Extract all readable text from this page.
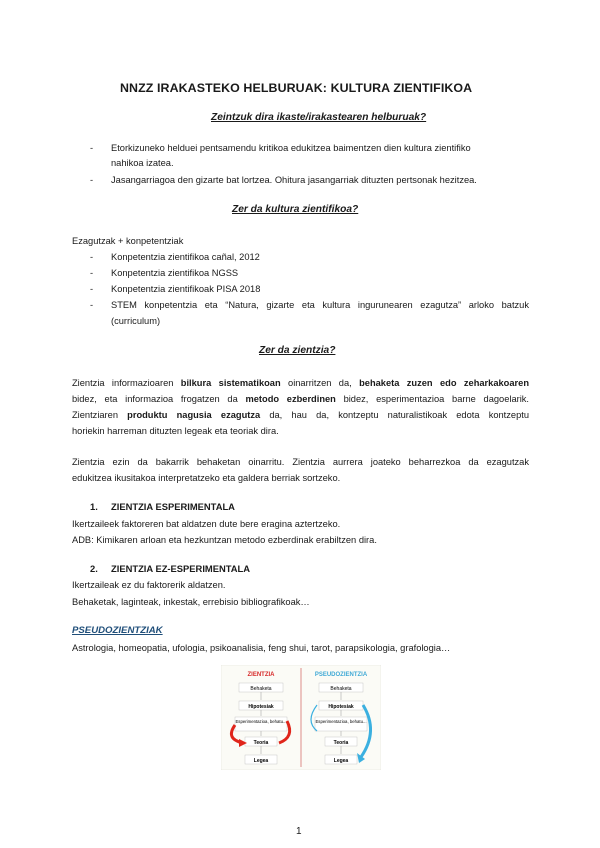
NNZZ IRAKASTEKO HELBURUAK: KULTURA ZIENTIFIKOA
Zeintzuk dira ikaste/irakastearen helburuak?
- Etorkizuneko helduei pentsamendu kritikoa edukitzea baimentzen dien kultura zientifiko
nahikoa izatea.
- Jasangarriagoa den gizarte bat lortzea. Ohitura jasangarriak dituzten pertsonak hezitzea.
Zer da kultura zientifikoa?
Ezagutzak + konpetentziak
- Konpetentzia zientifikoa cañal, 2012
- Konpetentzia zientifikoa NGSS
- Konpetentzia zientifikoak PISA 2018
- STEM konpetentzia eta “Natura, gizarte eta kultura ingurunearen ezagutza” arloko batzuk
(curriculum)
Zer da zientzia?
Zientzia informazioaren bilkura sistematikoan oinarritzen da, behaketa zuzen edo zeharkakoaren
bidez, eta informazioa frogatzen da metodo ezberdinen bidez, esperimentazioa barne dagoelarik.
Zientziaren produktu nagusia ezagutza da, hau da, kontzeptu naturalistikoak edota kontzeptu
horiekin harreman dituzten legeak eta teoriak dira.
Zientzia ezin da bakarrik behaketan oinarritu. Zientzia aurrera joateko beharrezkoa da ezagutzak
edukitzea ikusitakoa interpretatzeko eta galdera berriak sortzeko.
1. ZIENTZIA ESPERIMENTALA
Ikertzaileek faktoreren bat aldatzen dute bere eragina aztertzeko.
ADB: Kimikaren arloan eta hezkuntzan metodo ezberdinak erabiltzen dira.
2. ZIENTZIA EZ-ESPERIMENTALA
Ikertzaileak ez du faktorerik aldatzen.
Behaketak, laginteak, inkestak, errebisio bibliografikoak…
PSEUDOZIENTZIAK
Astrologia, homeopatia, ufologia, psikoanalisia, feng shui, tarot, parapsikologia, grafologia…
ZIENTZIA	PSEUDOZIENTZIA
Behaketa
Hipotesiak
Esperimentazioa, behatu...
Teoria
Legea
Behaketa
Hipotesiak
Esperimentazioa, behatu...
Teoria
Legea
1
